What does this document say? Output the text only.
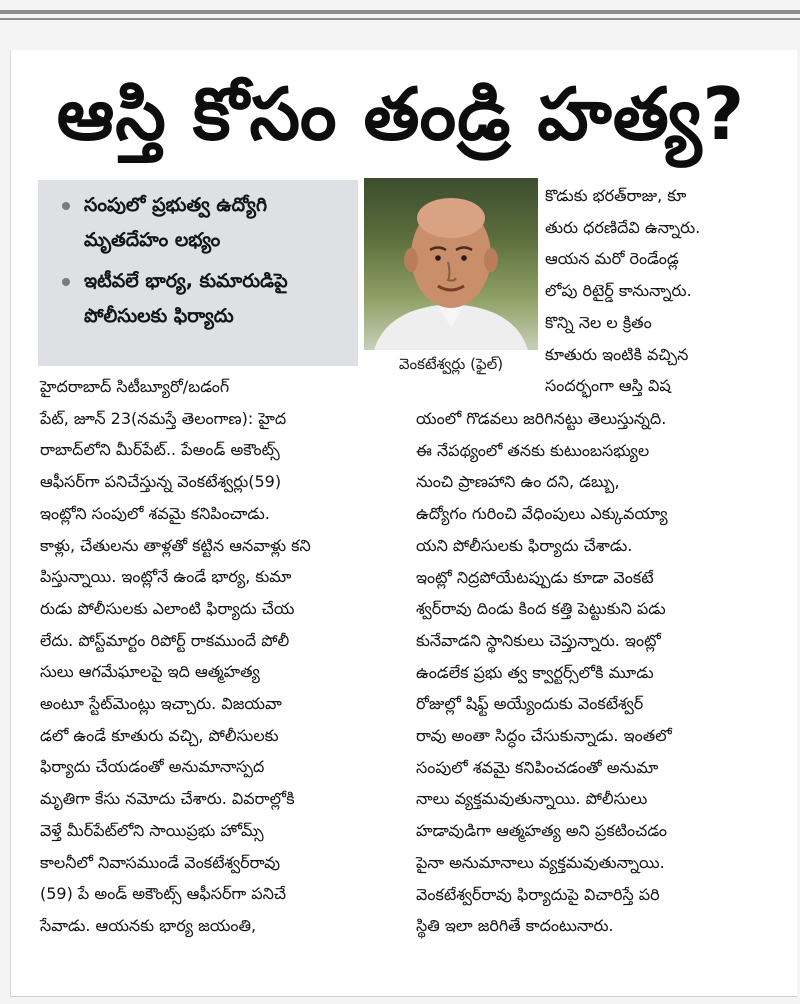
ఆస్తి కోసం తండ్రి హత్య?
సంపులో ప్రభుత్వ ఉద్యోగి
మృతదేహం లభ్యం
ఇటీవలే భార్య, కుమారుడిపై
పోలీసులకు ఫిర్యాదు
వెంకటేశ్వర్లు (ఫైల్)
హైదరాబాద్ సిటీబ్యూరో/బడంగ్
పేట్, జూన్ 23(నమస్తే తెలంగాణ): హైద
రాబాద్‌లోని మీర్‌పేట్.. పేఅండ్ అకౌంట్స్
ఆఫీసర్‌గా పనిచేస్తున్న వెంకటేశ్వర్లు(59)
ఇంట్లోని సంపులో శవమై కనిపించాడు.
కాళ్లు, చేతులను తాళ్లతో కట్టిన ఆనవాళ్లు కని
పిస్తున్నాయి. ఇంట్లోనే ఉండే భార్య, కుమా
రుడు పోలీసులకు ఎలాంటి ఫిర్యాదు చేయ
లేదు. పోస్ట్‌మార్టం రిపోర్ట్ రాకముందే పోలీ
సులు ఆగమేఘాలపై ఇది ఆత్మహత్య
అంటూ స్టేట్‌మెంట్లు ఇచ్చారు. విజయవా
డలో ఉండే కూతురు వచ్చి, పోలీసులకు
ఫిర్యాదు చేయడంతో అనుమానాస్పద
మృతిగా కేసు నమోదు చేశారు. వివరాల్లోకి
వెళ్తే మీర్‌పేట్‌లోని సాయిప్రభు హోమ్స్
కాలనీలో నివాసముండే వెంకటేశ్వర్‌రావు
(59) పే అండ్ అకౌంట్స్ ఆఫీసర్‌గా పనిచే
సేవాడు. ఆయనకు భార్య జయంతి,
కొడుకు భరత్‌రాజు, కూ
తురు ధరణిదేవి ఉన్నారు.
ఆయన మరో రెండేండ్ల
లోపు రిటైర్డ్ కానున్నారు.
కొన్ని నెల ల క్రితం
కూతురు ఇంటికి వచ్చిన
సందర్భంగా ఆస్తి విష
యంలో గొడవలు జరిగినట్టు తెలుస్తున్నది.
ఈ నేపథ్యంలో తనకు కుటుంబసభ్యుల
నుంచి ప్రాణహాని ఉం దని, డబ్బు,
ఉద్యోగం గురించి వేధింపులు ఎక్కువయ్యా
యని పోలీసులకు ఫిర్యాదు చేశాడు.
ఇంట్లో నిద్రపోయేటప్పుడు కూడా వెంకటే
శ్వర్‌రావు దిండు కింద కత్తి పెట్టుకుని పడు
కునేవాడని స్థానికులు చెప్తున్నారు. ఇంట్లో
ఉండలేక ప్రభు త్వ క్వార్టర్స్‌లోకి మూడు
రోజుల్లో షిఫ్ట్ అయ్యేందుకు వెంకటేశ్వర్
రావు అంతా సిద్ధం చేసుకున్నాడు. ఇంతలో
సంపులో శవమై కనిపించడంతో అనుమా
నాలు వ్యక్తమవుతున్నాయి. పోలీసులు
హడావుడిగా ఆత్మహత్య అని ప్రకటించడం
పైనా అనుమానాలు వ్యక్తమవుతున్నాయి.
వెంకటేశ్వర్‌రావు ఫిర్యాదుపై విచారిస్తే పరి
స్థితి ఇలా జరిగితే కాదంటునారు.
